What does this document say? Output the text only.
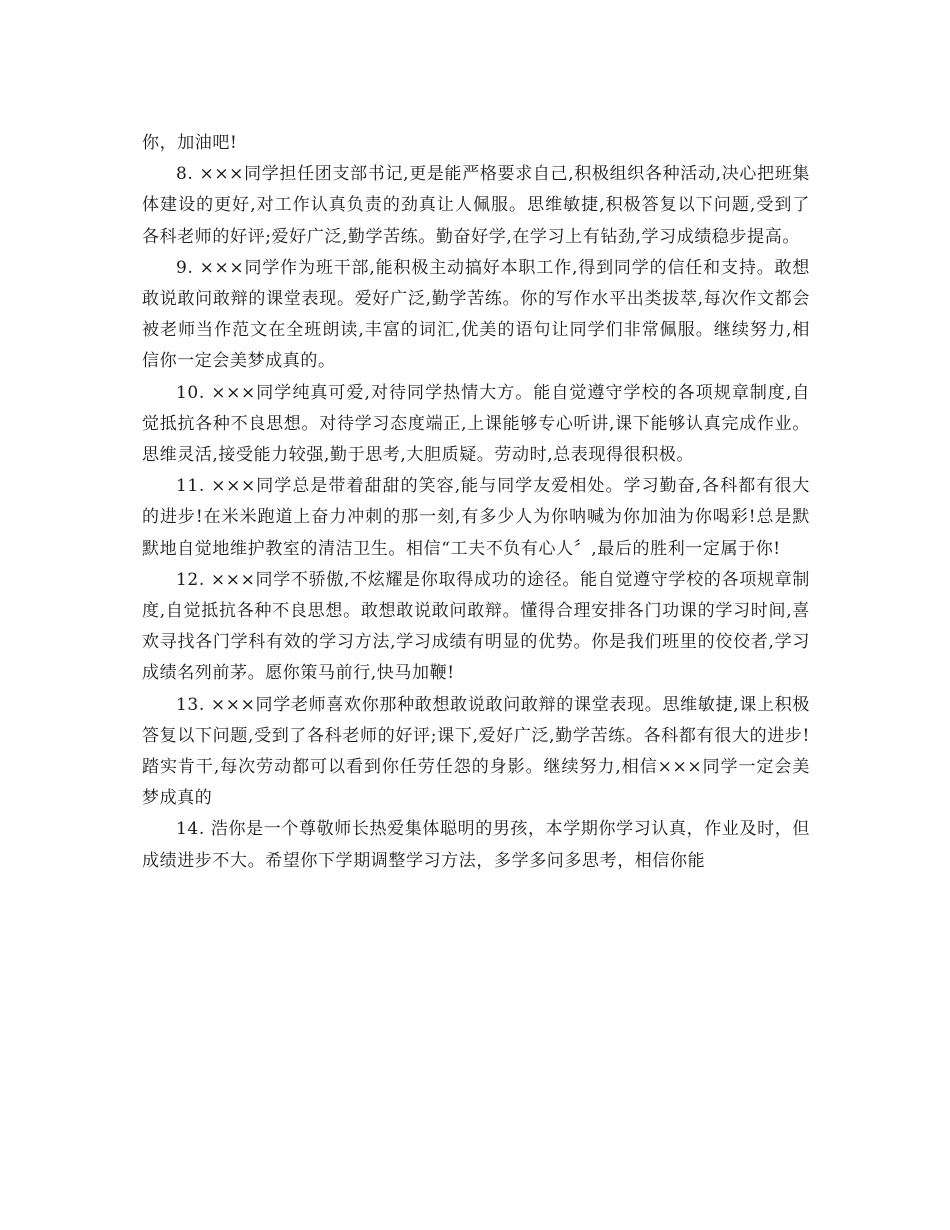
你，加油吧!

8. ×××同学担任团支部书记,更是能严格要求自己,积极组织各种活动,决心把班集体建设的更好,对工作认真负责的劲真让人佩服。思维敏捷,积极答复以下问题,受到了各科老师的好评;爱好广泛,勤学苦练。勤奋好学,在学习上有钻劲,学习成绩稳步提高。

9. ×××同学作为班干部,能积极主动搞好本职工作,得到同学的信任和支持。敢想敢说敢问敢辩的课堂表现。爱好广泛,勤学苦练。你的写作水平出类拔萃,每次作文都会被老师当作范文在全班朗读,丰富的词汇,优美的语句让同学们非常佩服。继续努力,相信你一定会美梦成真的。

10. ×××同学纯真可爱,对待同学热情大方。能自觉遵守学校的各项规章制度,自觉抵抗各种不良思想。对待学习态度端正,上课能够专心听讲,课下能够认真完成作业。思维灵活,接受能力较强,勤于思考,大胆质疑。劳动时,总表现得很积极。

11. ×××同学总是带着甜甜的笑容,能与同学友爱相处。学习勤奋,各科都有很大的进步!在米米跑道上奋力冲刺的那一刻,有多少人为你呐喊为你加油为你喝彩!总是默默地自觉地维护教室的清洁卫生。相信“工夫不负有心人〞,最后的胜利一定属于你!

12. ×××同学不骄傲,不炫耀是你取得成功的途径。能自觉遵守学校的各项规章制度,自觉抵抗各种不良思想。敢想敢说敢问敢辩。懂得合理安排各门功课的学习时间,喜欢寻找各门学科有效的学习方法,学习成绩有明显的优势。你是我们班里的佼佼者,学习成绩名列前茅。愿你策马前行,快马加鞭!

13. ×××同学老师喜欢你那种敢想敢说敢问敢辩的课堂表现。思维敏捷,课上积极答复以下问题,受到了各科老师的好评;课下,爱好广泛,勤学苦练。各科都有很大的进步!踏实肯干,每次劳动都可以看到你任劳任怨的身影。继续努力,相信×××同学一定会美梦成真的

14. 浩你是一个尊敬师长热爱集体聪明的男孩，本学期你学习认真，作业及时，但成绩进步不大。希望你下学期调整学习方法，多学多问多思考，相信你能
